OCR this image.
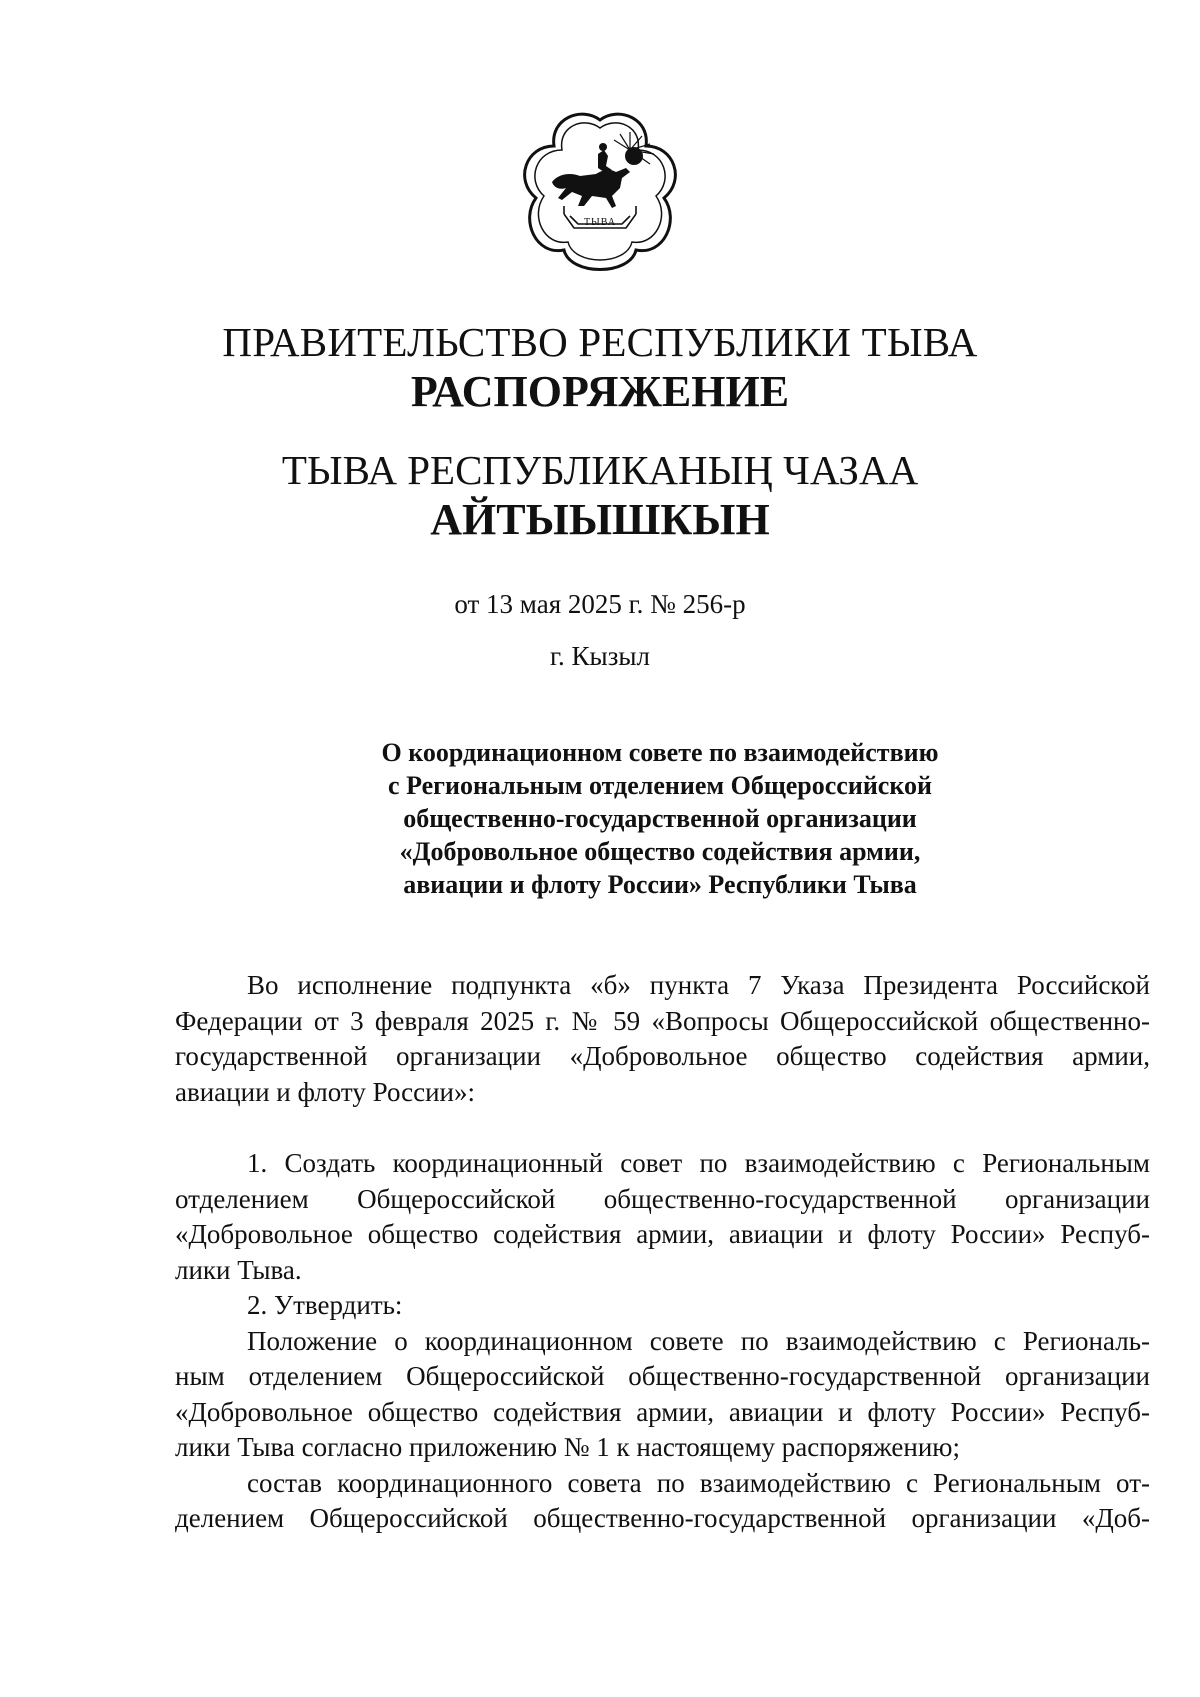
ТЫВА
ПРАВИТЕЛЬСТВО РЕСПУБЛИКИ ТЫВА
РАСПОРЯЖЕНИЕ
ТЫВА РЕСПУБЛИКАНЫҢ ЧАЗАА
АЙТЫЫШКЫН
от 13 мая 2025 г. № 256-р
г. Кызыл
О координационном совете по взаимодействию
с Региональным отделением Общероссийской
общественно-государственной организации
«Добровольное общество содействия армии,
авиации и флоту России» Республики Тыва
Во исполнение подпункта «б» пункта 7 Указа Президента Российской
Федерации от 3 февраля 2025 г. № 59 «Вопросы Общероссийской общественно-
государственной организации «Добровольное общество содействия армии,
авиации и флоту России»:
1. Создать координационный совет по взаимодействию с Региональным
отделением Общероссийской общественно-государственной организации
«Добровольное общество содействия армии, авиации и флоту России» Респуб-
лики Тыва.
2. Утвердить:
Положение о координационном совете по взаимодействию с Региональ-
ным отделением Общероссийской общественно-государственной организации
«Добровольное общество содействия армии, авиации и флоту России» Респуб-
лики Тыва согласно приложению № 1 к настоящему распоряжению;
состав координационного совета по взаимодействию с Региональным от-
делением Общероссийской общественно-государственной организации «Доб-
